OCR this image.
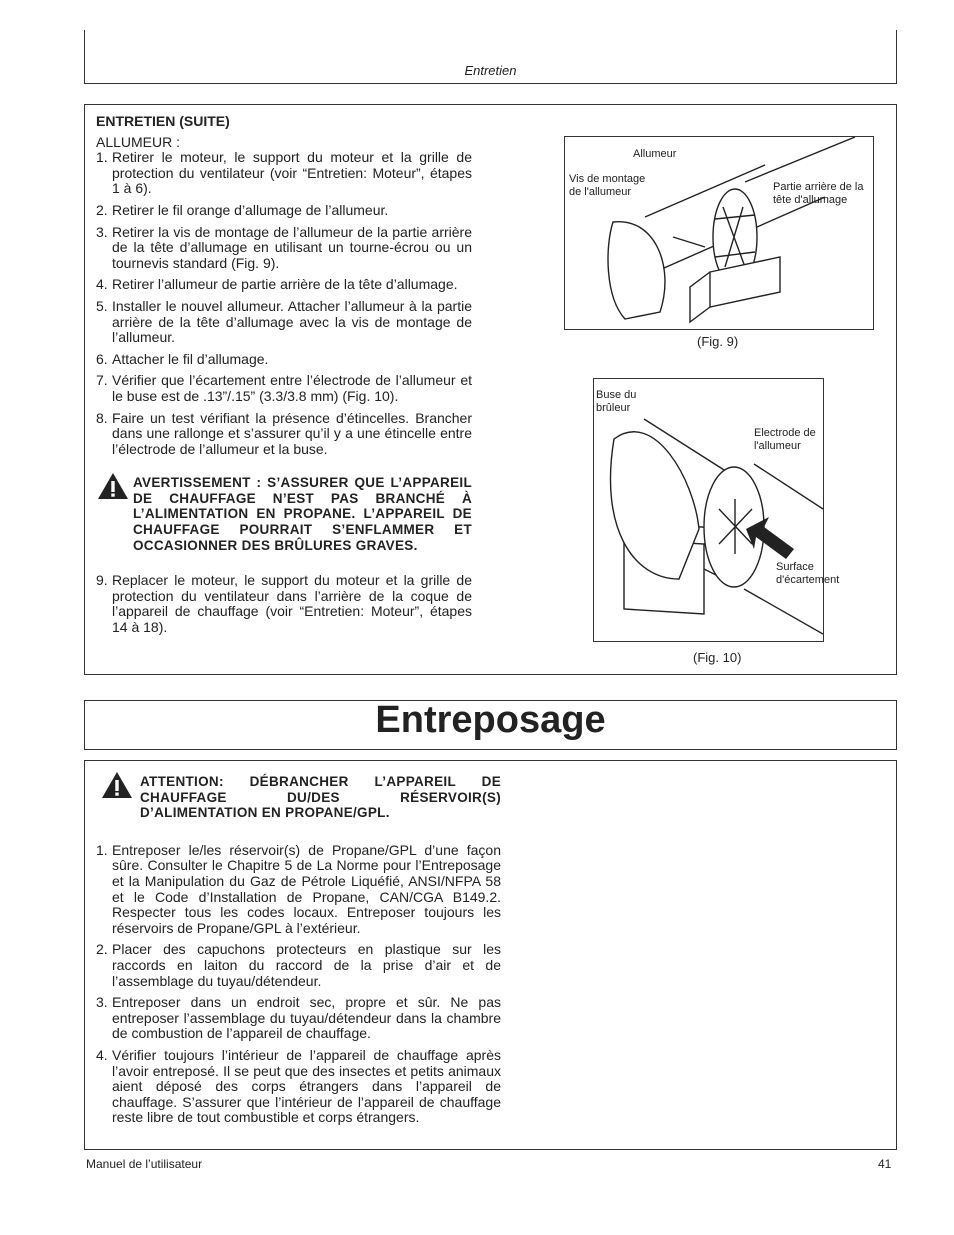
Entretien
ENTRETIEN (SUITE)
ALLUMEUR :
1. Retirer le moteur, le support du moteur et la grille de protection du ventilateur (voir “Entretien: Moteur”, étapes 1 à 6).
2. Retirer le fil orange d’allumage de l’allumeur.
3. Retirer la vis de montage de l’allumeur de la partie arrière de la tête d’allumage en utilisant un tourne-écrou ou un tournevis standard (Fig. 9).
4. Retirer l’allumeur de partie arrière de la tête d’allumage.
5. Installer le nouvel allumeur. Attacher l’allumeur à la partie arrière de la tête d’allumage avec la vis de montage de l’allumeur.
6. Attacher le fil d’allumage.
7. Vérifier que l’écartement entre l’électrode de l’allumeur et le buse est de .13”/.15” (3.3/3.8 mm) (Fig. 10).
8. Faire un test vérifiant la présence d’étincelles. Brancher dans une rallonge et s’assurer qu’il y a une étincelle entre l’électrode de l’allumeur et la buse.
AVERTISSEMENT : S’ASSURER QUE L’APPAREIL DE CHAUFFAGE N’EST PAS BRANCHÉ À L’ALIMENTATION EN PROPANE. L’APPAREIL DE CHAUFFAGE POURRAIT S’ENFLAMMER ET OCCASIONNER DES BRÛLURES GRAVES.
9. Replacer le moteur, le support du moteur et la grille de protection du ventilateur dans l’arrière de la coque de l’appareil de chauffage (voir “Entretien: Moteur”, étapes 14 à 18).
Allumeur
Vis de montage de l'allumeur	Partie arrière de la tête d'allumage
(Fig. 9)
Buse du brûleur
Electrode de l'allumeur
Surface d'écartement
(Fig. 10)
Entreposage
ATTENTION: DÉBRANCHER L’APPAREIL DE CHAUFFAGE DU/DES RÉSERVOIR(S) D’ALIMENTATION EN PROPANE/GPL.
1. Entreposer le/les réservoir(s) de Propane/GPL d’une façon sûre. Consulter le Chapitre 5 de La Norme pour l’Entreposage et la Manipulation du Gaz de Pétrole Liquéfié, ANSI/NFPA 58 et le Code d’Installation de Propane, CAN/CGA B149.2. Respecter tous les codes locaux. Entreposer toujours les réservoirs de Propane/GPL à l’extérieur.
2. Placer des capuchons protecteurs en plastique sur les raccords en laiton du raccord de la prise d’air et de l’assemblage du tuyau/détendeur.
3. Entreposer dans un endroit sec, propre et sûr. Ne pas entreposer l’assemblage du tuyau/détendeur dans la chambre de combustion de l’appareil de chauffage.
4. Vérifier toujours l’intérieur de l’appareil de chauffage après l’avoir entreposé. Il se peut que des insectes et petits animaux aient déposé des corps étrangers dans l’appareil de chauffage. S’assurer que l’intérieur de l’appareil de chauffage reste libre de tout combustible et corps étrangers.
Manuel de l’utilisateur	41
